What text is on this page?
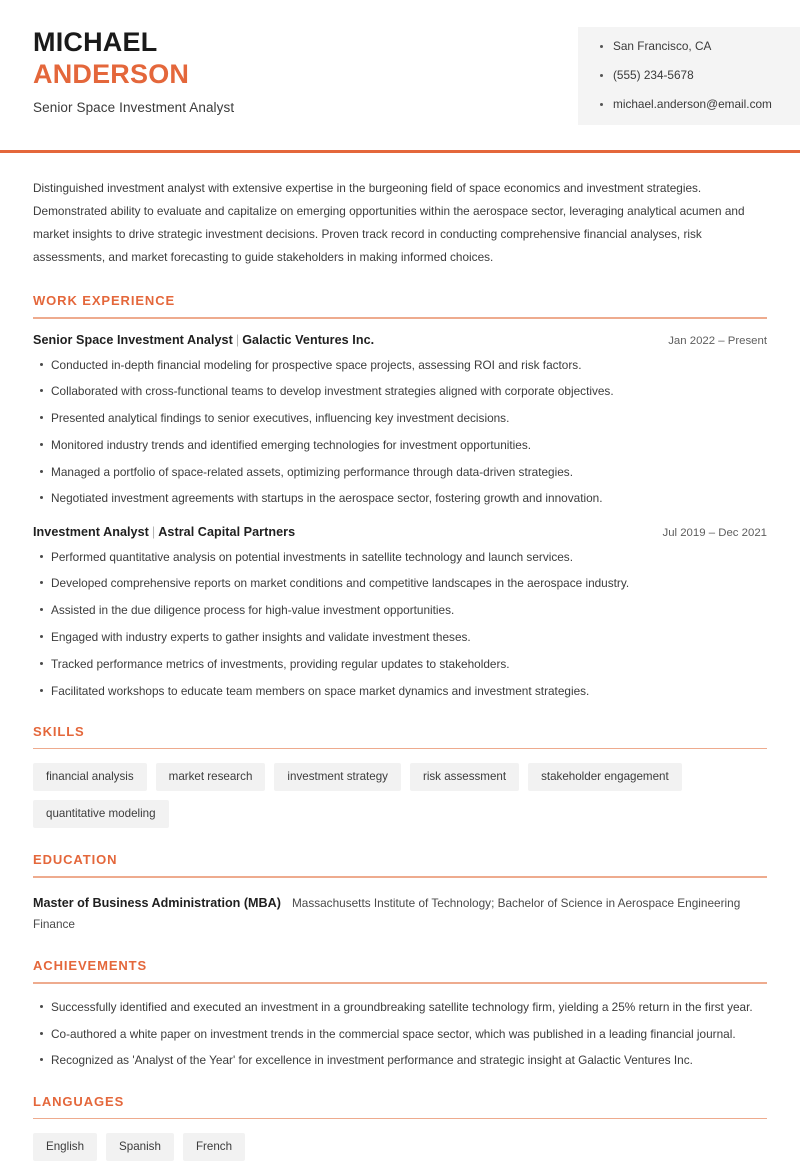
MICHAEL
ANDERSON
Senior Space Investment Analyst
San Francisco, CA
(555) 234-5678
michael.anderson@email.com
Distinguished investment analyst with extensive expertise in the burgeoning field of space economics and investment strategies. Demonstrated ability to evaluate and capitalize on emerging opportunities within the aerospace sector, leveraging analytical acumen and market insights to drive strategic investment decisions. Proven track record in conducting comprehensive financial analyses, risk assessments, and market forecasting to guide stakeholders in making informed choices.
WORK EXPERIENCE
Senior Space Investment Analyst | Galactic Ventures Inc.	Jan 2022 – Present
Conducted in-depth financial modeling for prospective space projects, assessing ROI and risk factors.
Collaborated with cross-functional teams to develop investment strategies aligned with corporate objectives.
Presented analytical findings to senior executives, influencing key investment decisions.
Monitored industry trends and identified emerging technologies for investment opportunities.
Managed a portfolio of space-related assets, optimizing performance through data-driven strategies.
Negotiated investment agreements with startups in the aerospace sector, fostering growth and innovation.
Investment Analyst | Astral Capital Partners	Jul 2019 – Dec 2021
Performed quantitative analysis on potential investments in satellite technology and launch services.
Developed comprehensive reports on market conditions and competitive landscapes in the aerospace industry.
Assisted in the due diligence process for high-value investment opportunities.
Engaged with industry experts to gather insights and validate investment theses.
Tracked performance metrics of investments, providing regular updates to stakeholders.
Facilitated workshops to educate team members on space market dynamics and investment strategies.
SKILLS
financial analysis	market research	investment strategy	risk assessment	stakeholder engagement
quantitative modeling
EDUCATION
Master of Business Administration (MBA) Massachusetts Institute of Technology; Bachelor of Science in Aerospace Engineering Finance
ACHIEVEMENTS
Successfully identified and executed an investment in a groundbreaking satellite technology firm, yielding a 25% return in the first year.
Co-authored a white paper on investment trends in the commercial space sector, which was published in a leading financial journal.
Recognized as 'Analyst of the Year' for excellence in investment performance and strategic insight at Galactic Ventures Inc.
LANGUAGES
English	Spanish	French
